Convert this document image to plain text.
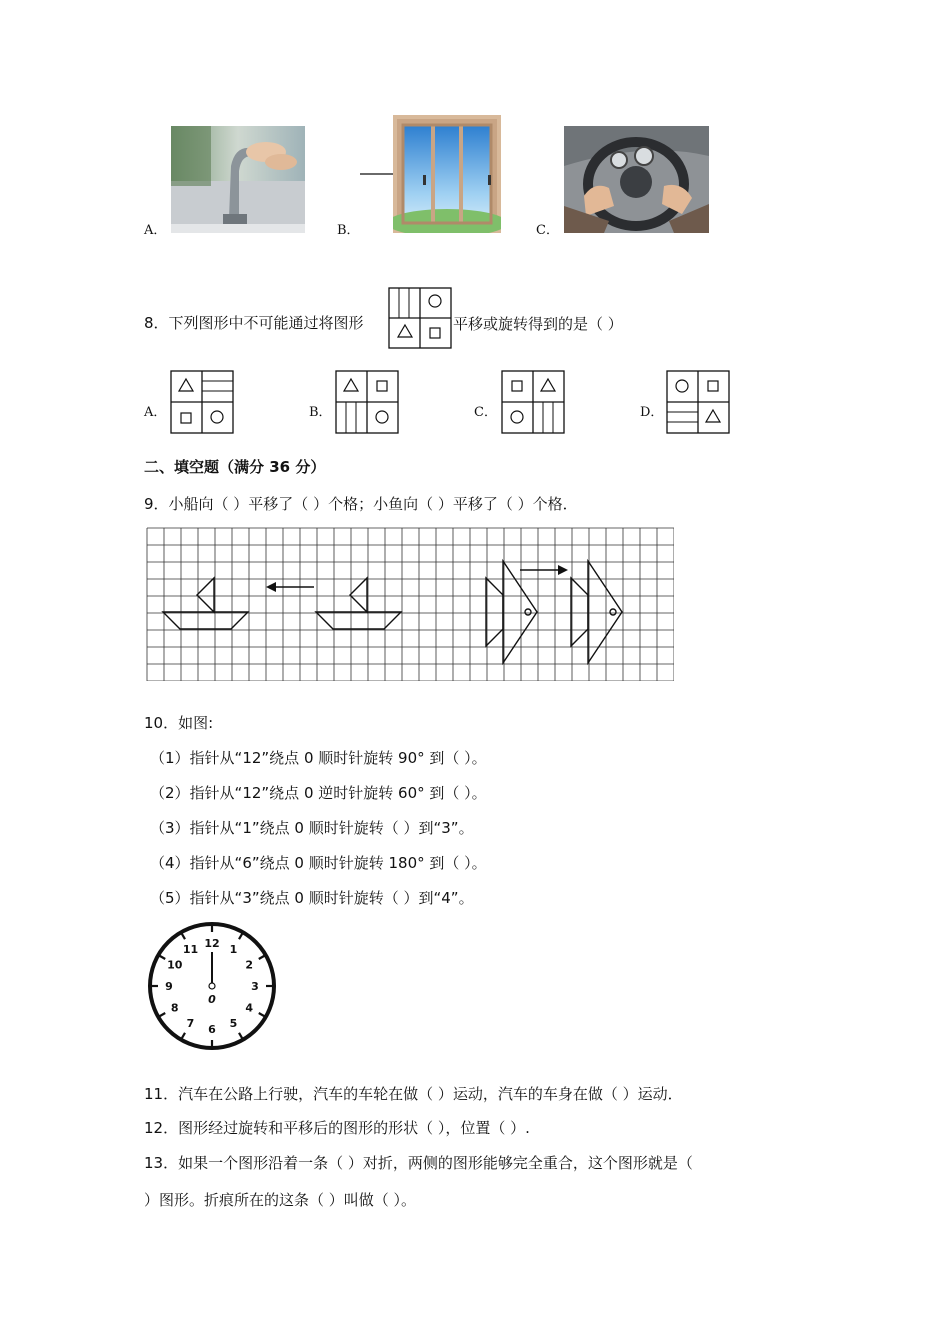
A．	B．	C．
8．下列图形中不可能通过将图形	平移或旋转得到的是（ ）
A．	B．	C．	D．
二、填空题（满分 36 分）
9．小船向（ ）平移了（ ）个格；小鱼向（ ）平移了（ ）个格．
10．如图:
（1）指针从“12”绕点 0 顺时针旋转 90° 到（ ）。
（2）指针从“12”绕点 0 逆时针旋转 60° 到（ ）。
（3）指针从“1”绕点 0 顺时针旋转（ ）到“3”。
（4）指针从“6”绕点 0 顺时针旋转 180° 到（ ）。
（5）指针从“3”绕点 0 顺时针旋转（ ）到“4”。
12 1
2
3
4
5
6
7
8
9
10
11
0
11．汽车在公路上行驶，汽车的车轮在做（ ）运动，汽车的车身在做（ ）运动．
12．图形经过旋转和平移后的图形的形状（ ），位置（ ）.
13．如果一个图形沿着一条（ ）对折，两侧的图形能够完全重合，这个图形就是（
）图形。折痕所在的这条（ ）叫做（ ）。
